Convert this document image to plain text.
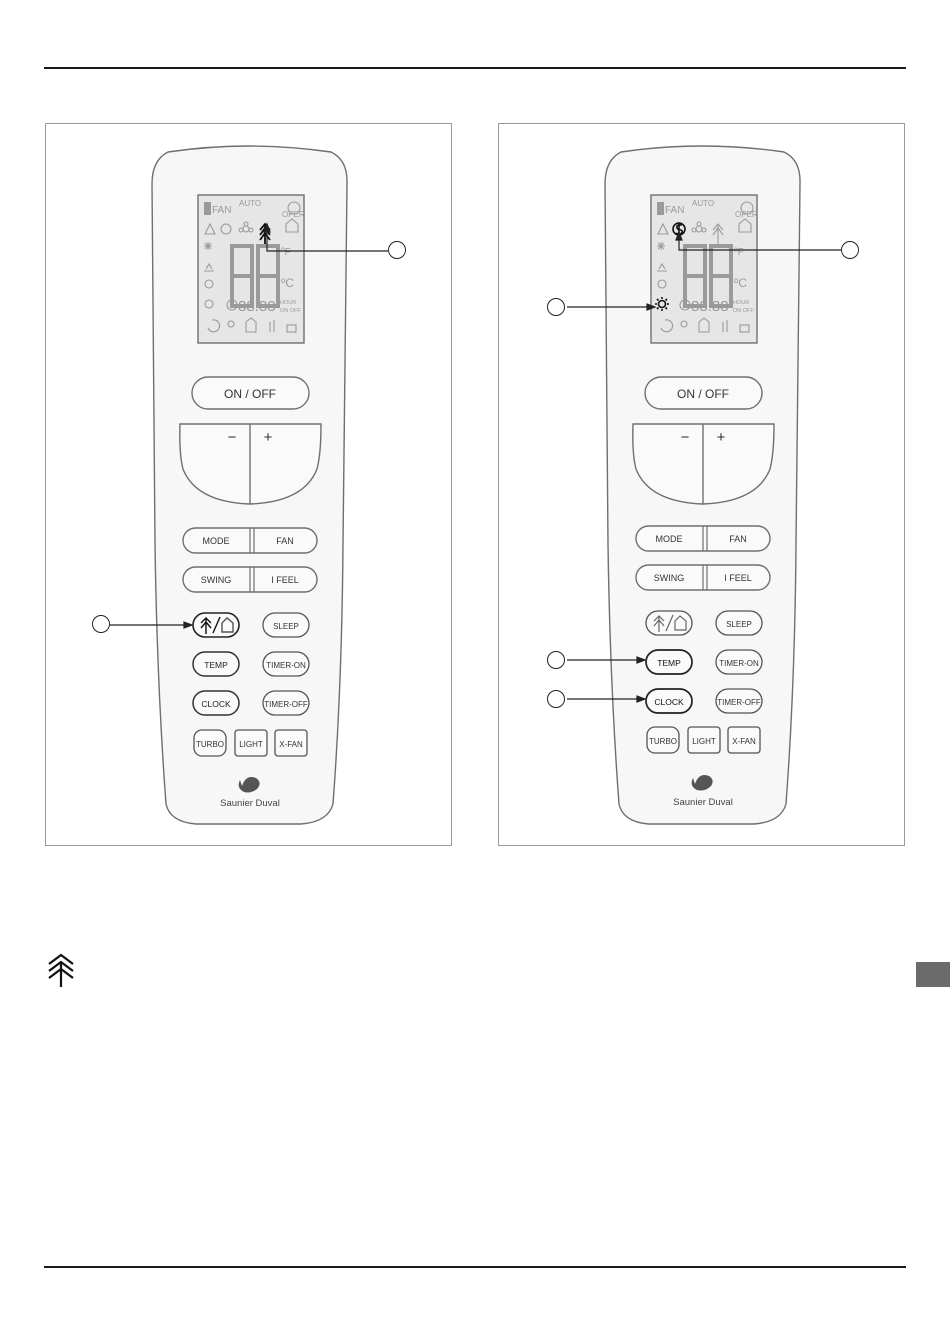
FAN
AUTO
OPER
ºC
ºF
88.88 HOUR
ON OFF
ON / OFF
− +
MODE	FAN
SWING	I FEEL
SLEEP
TEMP	TIMER-ON
CLOCK	TIMER-OFF
TURBO LIGHT X-FAN
Saunier Duval
FAN
AUTO
OPER
ºC
ºF
88.88 HOUR
ON OFF
ON / OFF
− +
MODE	FAN
SWING	I FEEL
SLEEP
TEMP	TIMER-ON
CLOCK	TIMER-OFF
TURBO LIGHT X-FAN
Saunier Duval
